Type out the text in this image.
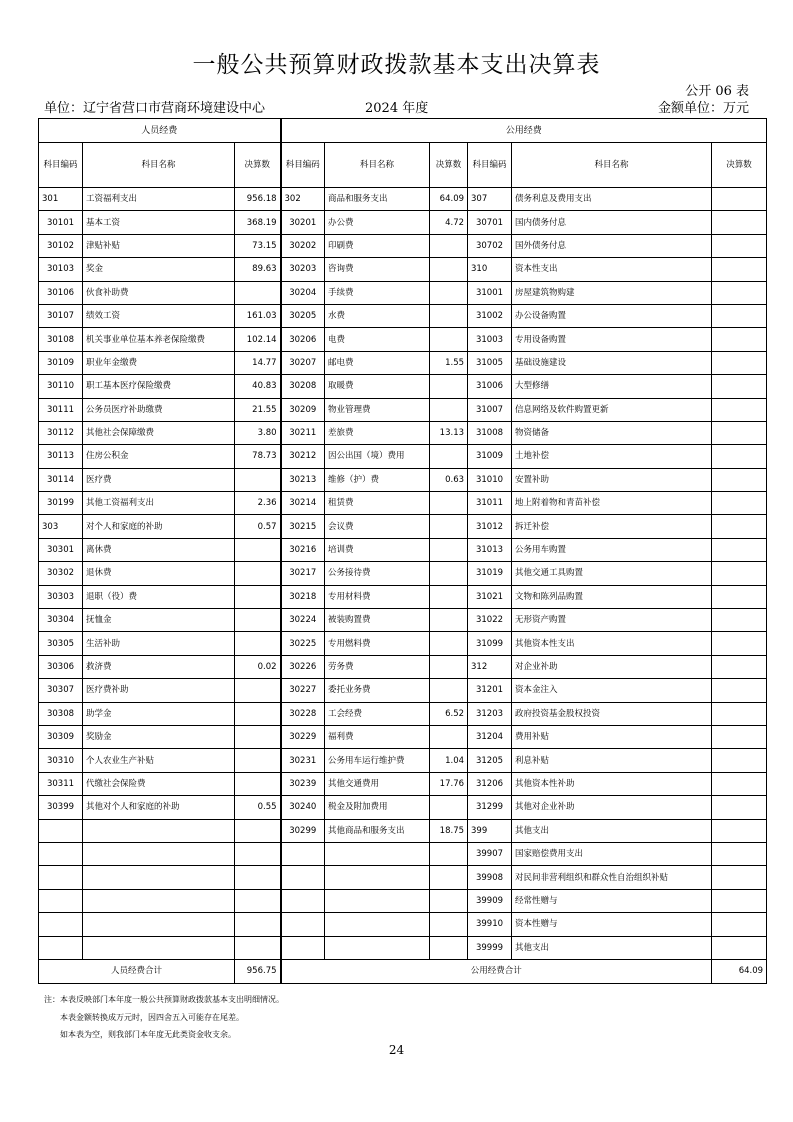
一般公共预算财政拨款基本支出决算表
公开 06 表
单位：辽宁省营口市营商环境建设中心	2024 年度	金额单位：万元
人员经费			公用经费					
科目编码	科目名称	决算数	科目编码	科目名称	决算数	科目编码	科目名称	决算数
301	工资福利支出	956.18	302	商品和服务支出	64.09	307	债务利息及费用支出	
30101	基本工资	368.19	30201	办公费	4.72	30701	国内债务付息	
30102	津贴补贴	73.15	30202	印刷费		30702	国外债务付息	
30103	奖金	89.63	30203	咨询费		310	资本性支出	
30106	伙食补助费		30204	手续费		31001	房屋建筑物购建	
30107	绩效工资	161.03	30205	水费		31002	办公设备购置	
30108	机关事业单位基本养老保险缴费	102.14	30206	电费		31003	专用设备购置	
30109	职业年金缴费	14.77	30207	邮电费	1.55	31005	基础设施建设	
30110	职工基本医疗保险缴费	40.83	30208	取暖费		31006	大型修缮	
30111	公务员医疗补助缴费	21.55	30209	物业管理费		31007	信息网络及软件购置更新	
30112	其他社会保障缴费	3.80	30211	差旅费	13.13	31008	物资储备	
30113	住房公积金	78.73	30212	因公出国（境）费用		31009	土地补偿	
30114	医疗费		30213	维修（护）费	0.63	31010	安置补助	
30199	其他工资福利支出	2.36	30214	租赁费		31011	地上附着物和青苗补偿	
303	对个人和家庭的补助	0.57	30215	会议费		31012	拆迁补偿	
30301	离休费		30216	培训费		31013	公务用车购置	
30302	退休费		30217	公务接待费		31019	其他交通工具购置	
30303	退职（役）费		30218	专用材料费		31021	文物和陈列品购置	
30304	抚恤金		30224	被装购置费		31022	无形资产购置	
30305	生活补助		30225	专用燃料费		31099	其他资本性支出	
30306	救济费	0.02	30226	劳务费		312	对企业补助	
30307	医疗费补助		30227	委托业务费		31201	资本金注入	
30308	助学金		30228	工会经费	6.52	31203	政府投资基金股权投资	
30309	奖励金		30229	福利费		31204	费用补贴	
30310	个人农业生产补贴		30231	公务用车运行维护费	1.04	31205	利息补贴	
30311	代缴社会保险费		30239	其他交通费用	17.76	31206	其他资本性补助	
30399	其他对个人和家庭的补助	0.55	30240	税金及附加费用		31299	其他对企业补助	
			30299	其他商品和服务支出	18.75	399	其他支出	
						39907	国家赔偿费用支出	
						39908	对民间非营利组织和群众性自治组织补贴	
						39909	经常性赠与	
						39910	资本性赠与	
						39999	其他支出	
人员经费合计		956.75	公用经费合计					64.09
注：本表反映部门本年度一般公共预算财政拨款基本支出明细情况。
本表金额转换成万元时，因四舍五入可能存在尾差。
如本表为空，则我部门本年度无此类资金收支余。
24
